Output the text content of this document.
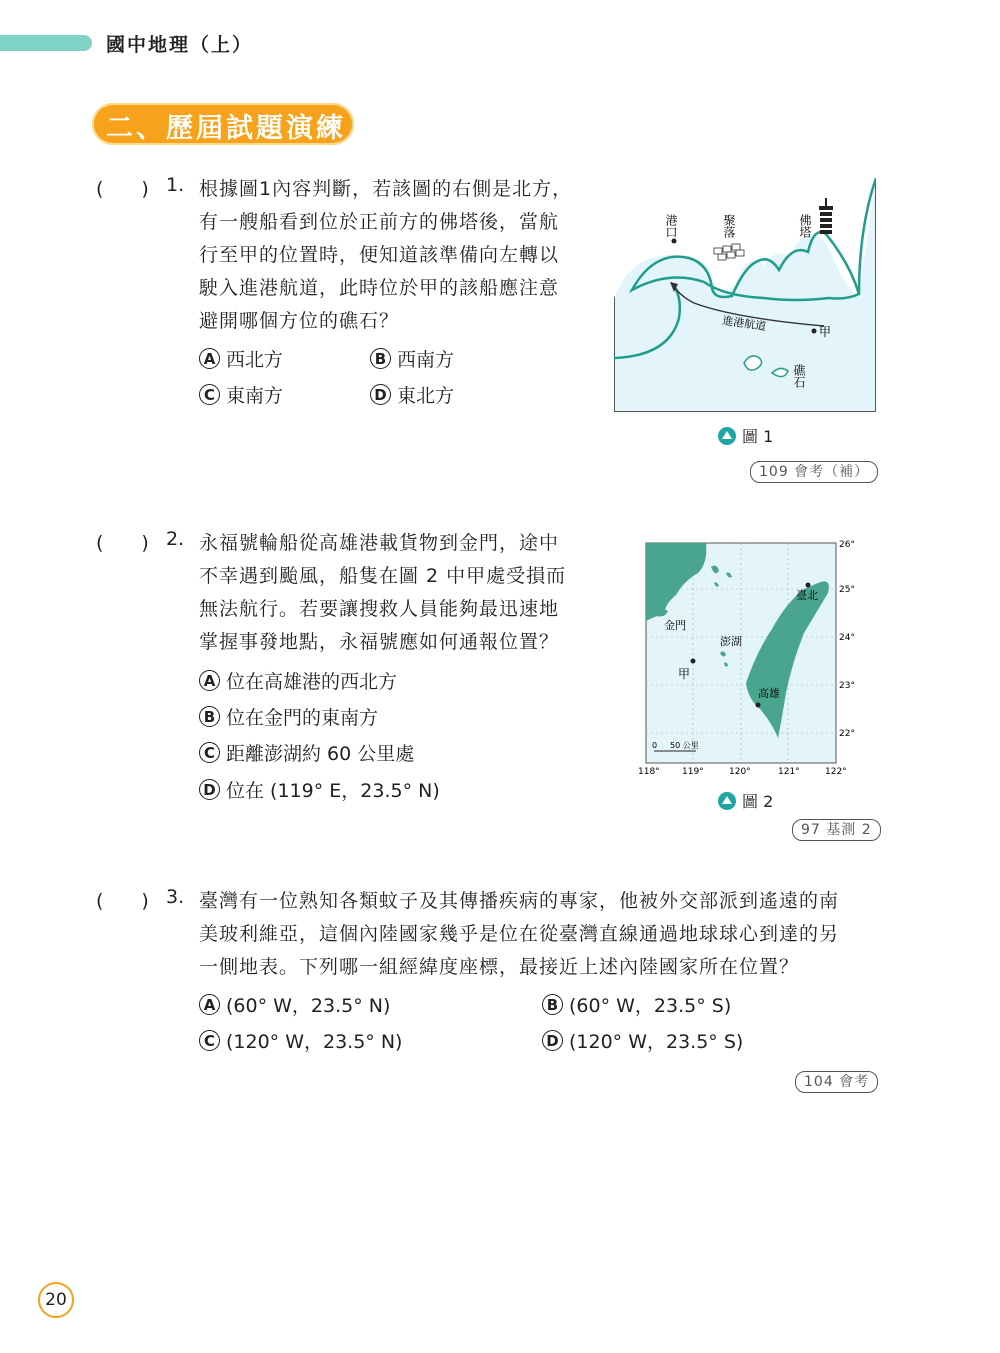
國中地理（上）
二、歷屆試題演練
(　　) 1. 根據圖1內容判斷，若該圖的右側是北方，
有一艘船看到位於正前方的佛塔後，當航
行至甲的位置時，便知道該準備向左轉以
駛入進港航道，此時位於甲的該船應注意
避開哪個方位的礁石？
A 西北方	B 西南方
C 東南方	D 東北方
港口	聚落	佛塔
進港航道	甲
礁石
圖 1
109 會考（補）
(　　) 2. 永福號輪船從高雄港載貨物到金門，途中
不幸遇到颱風，船隻在圖 2 中甲處受損而
無法航行。若要讓搜救人員能夠最迅速地
掌握事發地點，永福號應如何通報位置？
A 位在高雄港的西北方
B 位在金門的東南方
C 距離澎湖約 60 公里處
D 位在 (119° E，23.5° N)
臺北
金門
澎湖
甲
高雄
0 50 公里
26°
25°
24°
23°
22°
118° 119°	120°	121°	122°
圖 2
97 基測 2
(　　) 3. 臺灣有一位熟知各類蚊子及其傳播疾病的專家，他被外交部派到遙遠的南
美玻利維亞，這個內陸國家幾乎是位在從臺灣直線通過地球球心到達的另
一側地表。下列哪一組經緯度座標，最接近上述內陸國家所在位置？
A (60° W，23.5° N)	B (60° W，23.5° S)
C (120° W，23.5° N)	D (120° W，23.5° S)
104 會考
20
